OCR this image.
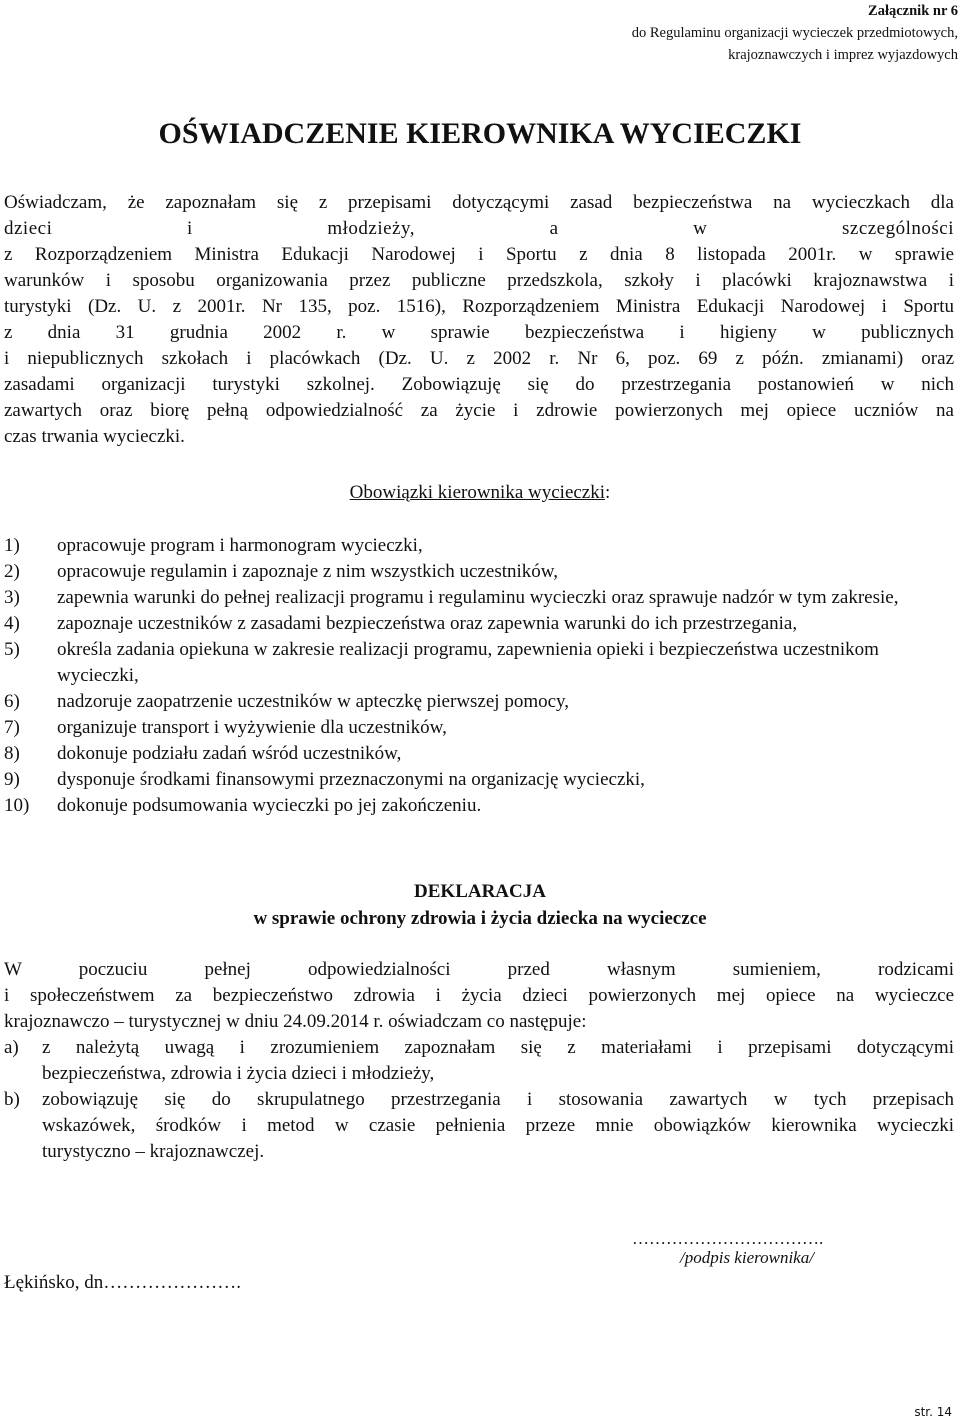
Załącznik nr 6
do Regulaminu organizacji wycieczek przedmiotowych,
krajoznawczych i imprez wyjazdowych
OŚWIADCZENIE KIEROWNIKA WYCIECZKI
Oświadczam, że zapoznałam się z przepisami dotyczącymi zasad bezpieczeństwa na wycieczkach dla
dzieci i młodzieży, a w szczególności
z Rozporządzeniem Ministra Edukacji Narodowej i Sportu z dnia 8 listopada 2001r. w sprawie
warunków i sposobu organizowania przez publiczne przedszkola, szkoły i placówki krajoznawstwa i
turystyki (Dz. U. z 2001r. Nr 135, poz. 1516), Rozporządzeniem Ministra Edukacji Narodowej i Sportu
z dnia 31 grudnia 2002 r. w sprawie bezpieczeństwa i higieny w publicznych
i niepublicznych szkołach i placówkach (Dz. U. z 2002 r. Nr 6, poz. 69 z późn. zmianami) oraz
zasadami organizacji turystyki szkolnej. Zobowiązuję się do przestrzegania postanowień w nich
zawartych oraz biorę pełną odpowiedzialność za życie i zdrowie powierzonych mej opiece uczniów na
czas trwania wycieczki.

Obowiązki kierownika wycieczki:

1) opracowuje program i harmonogram wycieczki,
2) opracowuje regulamin i zapoznaje z nim wszystkich uczestników,
3) zapewnia warunki do pełnej realizacji programu i regulaminu wycieczki oraz sprawuje nadzór w tym zakresie,
4) zapoznaje uczestników z zasadami bezpieczeństwa oraz zapewnia warunki do ich przestrzegania,
5) określa zadania opiekuna w zakresie realizacji programu, zapewnienia opieki i bezpieczeństwa uczestnikom wycieczki,
6) nadzoruje zaopatrzenie uczestników w apteczkę pierwszej pomocy,
7) organizuje transport i wyżywienie dla uczestników,
8) dokonuje podziału zadań wśród uczestników,
9) dysponuje środkami finansowymi przeznaczonymi na organizację wycieczki,
10) dokonuje podsumowania wycieczki po jej zakończeniu.
DEKLARACJA
w sprawie ochrony zdrowia i życia dziecka na wycieczce
W poczuciu pełnej odpowiedzialności przed własnym sumieniem, rodzicami
i społeczeństwem za bezpieczeństwo zdrowia i życia dzieci powierzonych mej opiece na wycieczce
krajoznawczo – turystycznej w dniu 24.09.2014 r. oświadczam co następuje:
a) z należytą uwagą i zrozumieniem zapoznałam się z materiałami i przepisami dotyczącymi
bezpieczeństwa, zdrowia i życia dzieci i młodzieży,
b) zobowiązuję się do skrupulatnego przestrzegania i stosowania zawartych w tych przepisach
wskazówek, środków i metod w czasie pełnienia przeze mnie obowiązków kierownika wycieczki
turystyczno – krajoznawczej.
…………………………….
/podpis kierownika/
Łękińsko, dn………………….
str. 14
